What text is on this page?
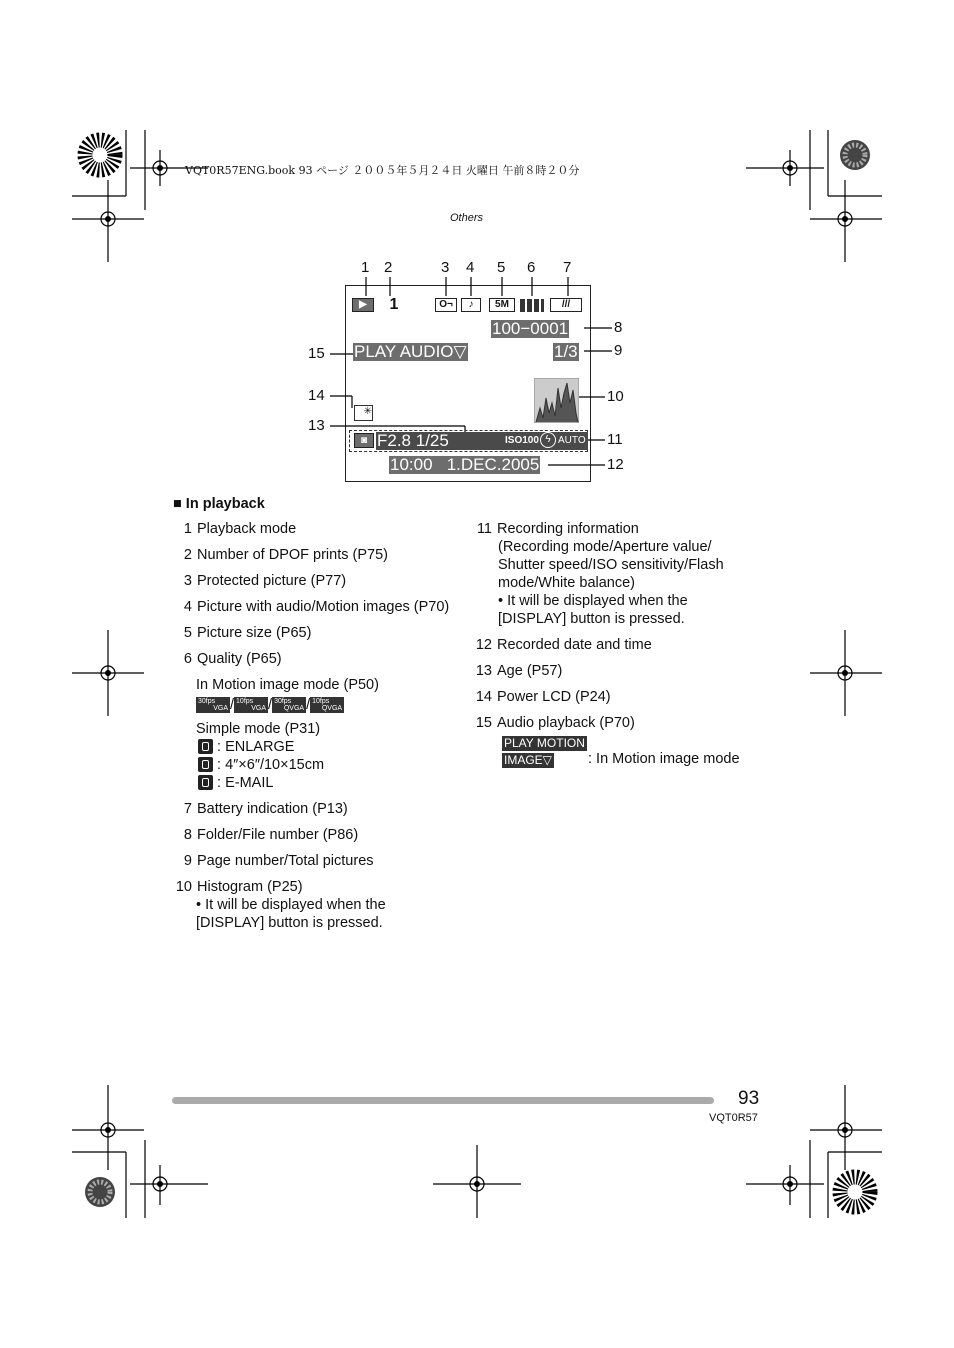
VQT0R57ENG.book 93 ページ ２００５年５月２４日 火曜日 午前８時２０分
Others
1 2	3 4 5 6 7
8
9
10
11
12
15
14
13
▶	1	O¬	♪	5M	///
100−0001
PLAY AUDIO▽	1/3
✳
◙ F2.8 1/25	ISO100 ϟ AUTO
10:00   1.DEC.2005
■ In playback
1 Playback mode
2 Number of DPOF prints (P75)
3 Protected picture (P77)
4 Picture with audio/Motion images (P70)
5 Picture size (P65)
6 Quality (P65)
In Motion image mode (P50)
30fps
VGA / 10fps
VGA / 30fps
QVGA / 10fps
QVGA
Simple mode (P31)
: ENLARGE
: 4″×6″/10×15cm
: E-MAIL
7 Battery indication (P13)
8 Folder/File number (P86)
9 Page number/Total pictures
10 Histogram (P25)
• It will be displayed when the [DISPLAY] button is pressed.
11 Recording information
(Recording mode/Aperture value/ Shutter speed/ISO sensitivity/Flash mode/White balance)
• It will be displayed when the [DISPLAY] button is pressed.
12 Recorded date and time
13 Age (P57)
14 Power LCD (P24)
15 Audio playback (P70)
PLAY MOTION
IMAGE▽ : In Motion image mode
93
VQT0R57
